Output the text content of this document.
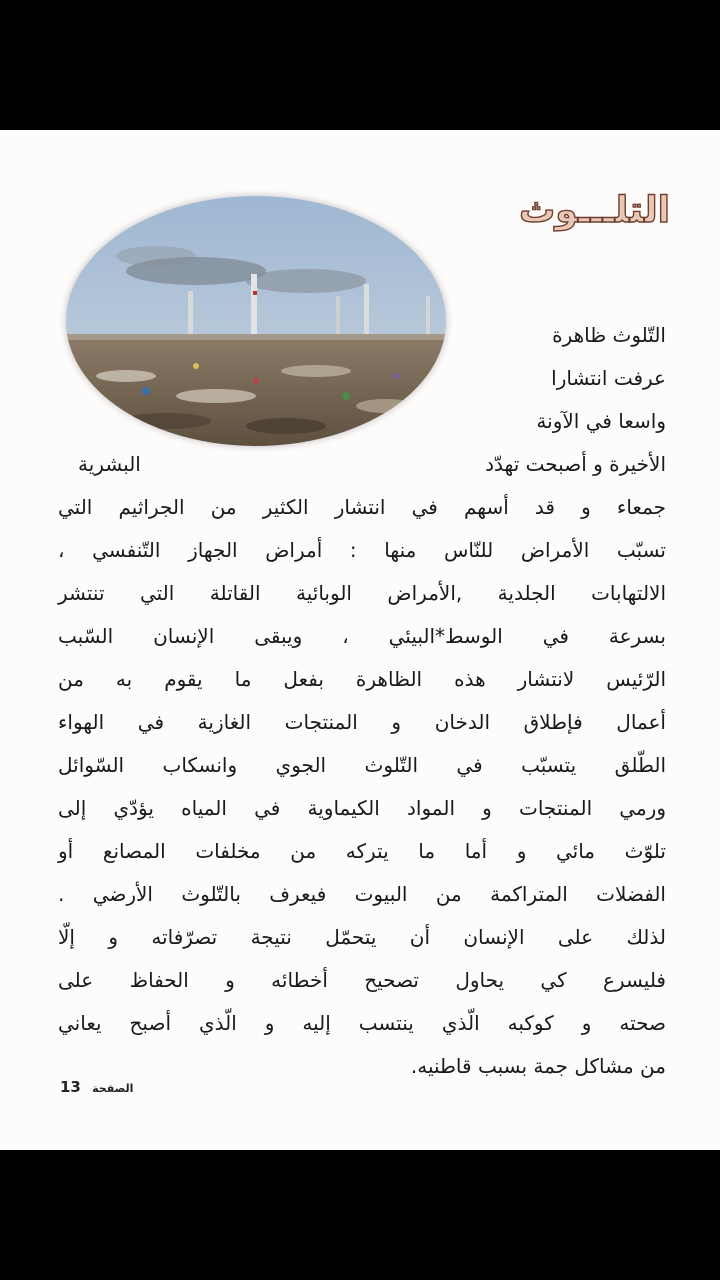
التلـــوث
التّلوث ظاهرة
عرفت انتشارا
واسعا في الآونة
الأخيرة و أصبحت تهدّد
البشرية
جمعاء و قد أسهم في انتشار الكثير من الجراثيم التي
تسبّب الأمراض للنّاس منها : أمراض الجهاز التّنفسي ،
الالتهابات الجلدية ,الأمراض الوبائية القاتلة التي تنتشر
بسرعة في الوسط*البيئي ، ويبقى الإنسان السّبب
الرّئيس لانتشار هذه الظاهرة بفعل ما يقوم به من
أعمال فإطلاق الدخان و المنتجات الغازية في الهواء
الطّلق يتسبّب في التّلوث الجوي وانسكاب السّوائل
ورمي المنتجات و المواد الكيماوية في المياه يؤدّي إلى
تلوّث مائي و أما ما يتركه من مخلفات المصانع أو
الفضلات المتراكمة من البيوت فيعرف بالتّلوث الأرضي .
لذلك على الإنسان أن يتحمّل نتيجة تصرّفاته و إلّا
فليسرع كي يحاول تصحيح أخطائه و الحفاظ على
صحته و كوكبه الّذي ينتسب إليه و الّذي أصبح يعاني
من مشاكل جمة بسبب قاطنيه.
الصفحة 13
